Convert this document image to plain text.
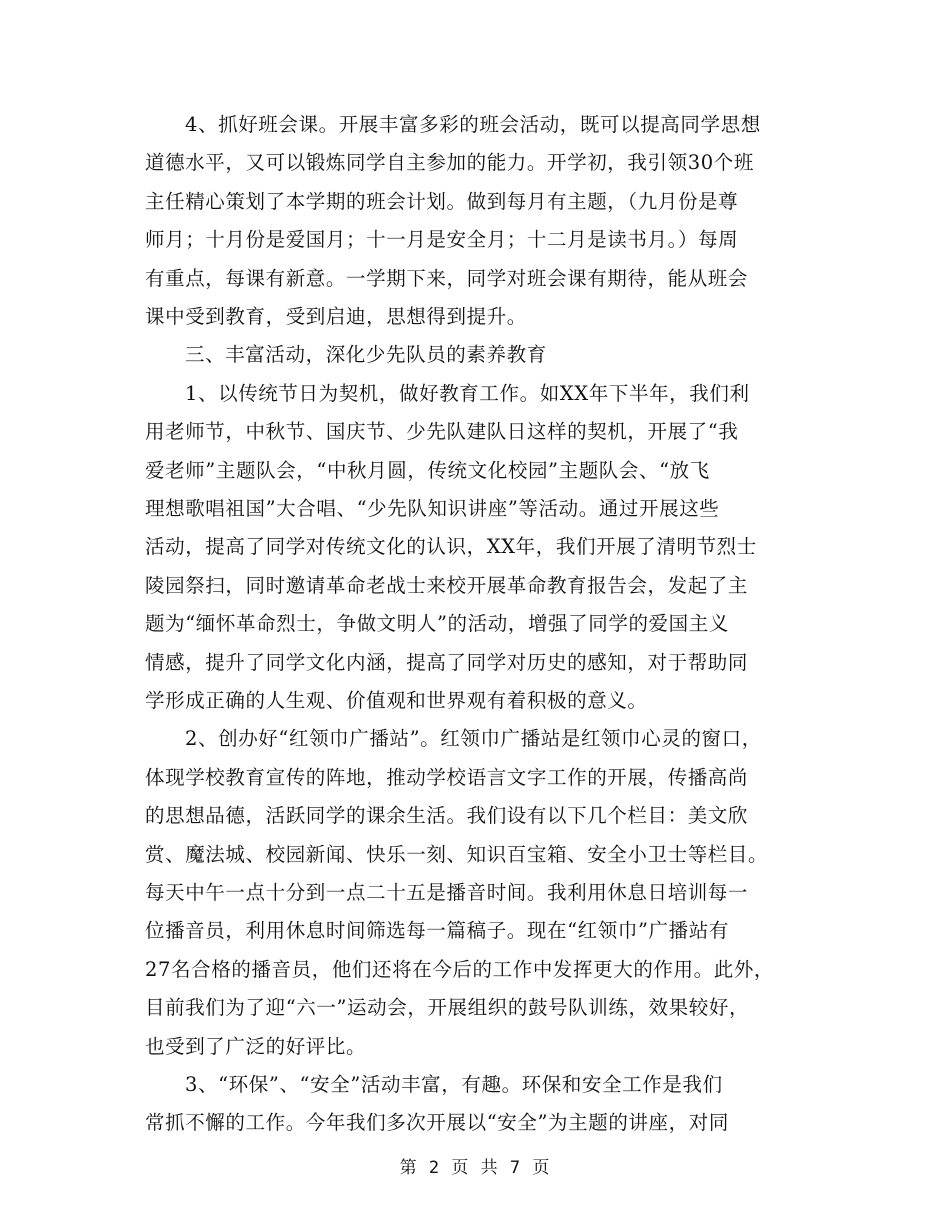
4、抓好班会课。开展丰富多彩的班会活动，既可以提高同学思想
道德水平，又可以锻炼同学自主参加的能力。开学初，我引领30个班
主任精心策划了本学期的班会计划。做到每月有主题，（九月份是尊
师月；十月份是爱国月；十一月是安全月；十二月是读书月。）每周
有重点，每课有新意。一学期下来，同学对班会课有期待，能从班会
课中受到教育，受到启迪，思想得到提升。
三、丰富活动，深化少先队员的素养教育
1、以传统节日为契机，做好教育工作。如XX年下半年，我们利
用老师节，中秋节、国庆节、少先队建队日这样的契机，开展了“我
爱老师”主题队会，“中秋月圆，传统文化校园”主题队会、“放飞
理想歌唱祖国”大合唱、“少先队知识讲座”等活动。通过开展这些
活动，提高了同学对传统文化的认识，XX年，我们开展了清明节烈士
陵园祭扫，同时邀请革命老战士来校开展革命教育报告会，发起了主
题为“缅怀革命烈士，争做文明人”的活动，增强了同学的爱国主义
情感，提升了同学文化内涵，提高了同学对历史的感知，对于帮助同
学形成正确的人生观、价值观和世界观有着积极的意义。
2、创办好“红领巾广播站”。红领巾广播站是红领巾心灵的窗口，
体现学校教育宣传的阵地，推动学校语言文字工作的开展，传播高尚
的思想品德，活跃同学的课余生活。我们设有以下几个栏目：美文欣
赏、魔法城、校园新闻、快乐一刻、知识百宝箱、安全小卫士等栏目。
每天中午一点十分到一点二十五是播音时间。我利用休息日培训每一
位播音员，利用休息时间筛选每一篇稿子。现在“红领巾”广播站有
27名合格的播音员，他们还将在今后的工作中发挥更大的作用。此外，
目前我们为了迎“六一”运动会，开展组织的鼓号队训练，效果较好，
也受到了广泛的好评比。
3、“环保”、“安全”活动丰富，有趣。环保和安全工作是我们
常抓不懈的工作。今年我们多次开展以“安全”为主题的讲座，对同
第 2 页 共 7 页
